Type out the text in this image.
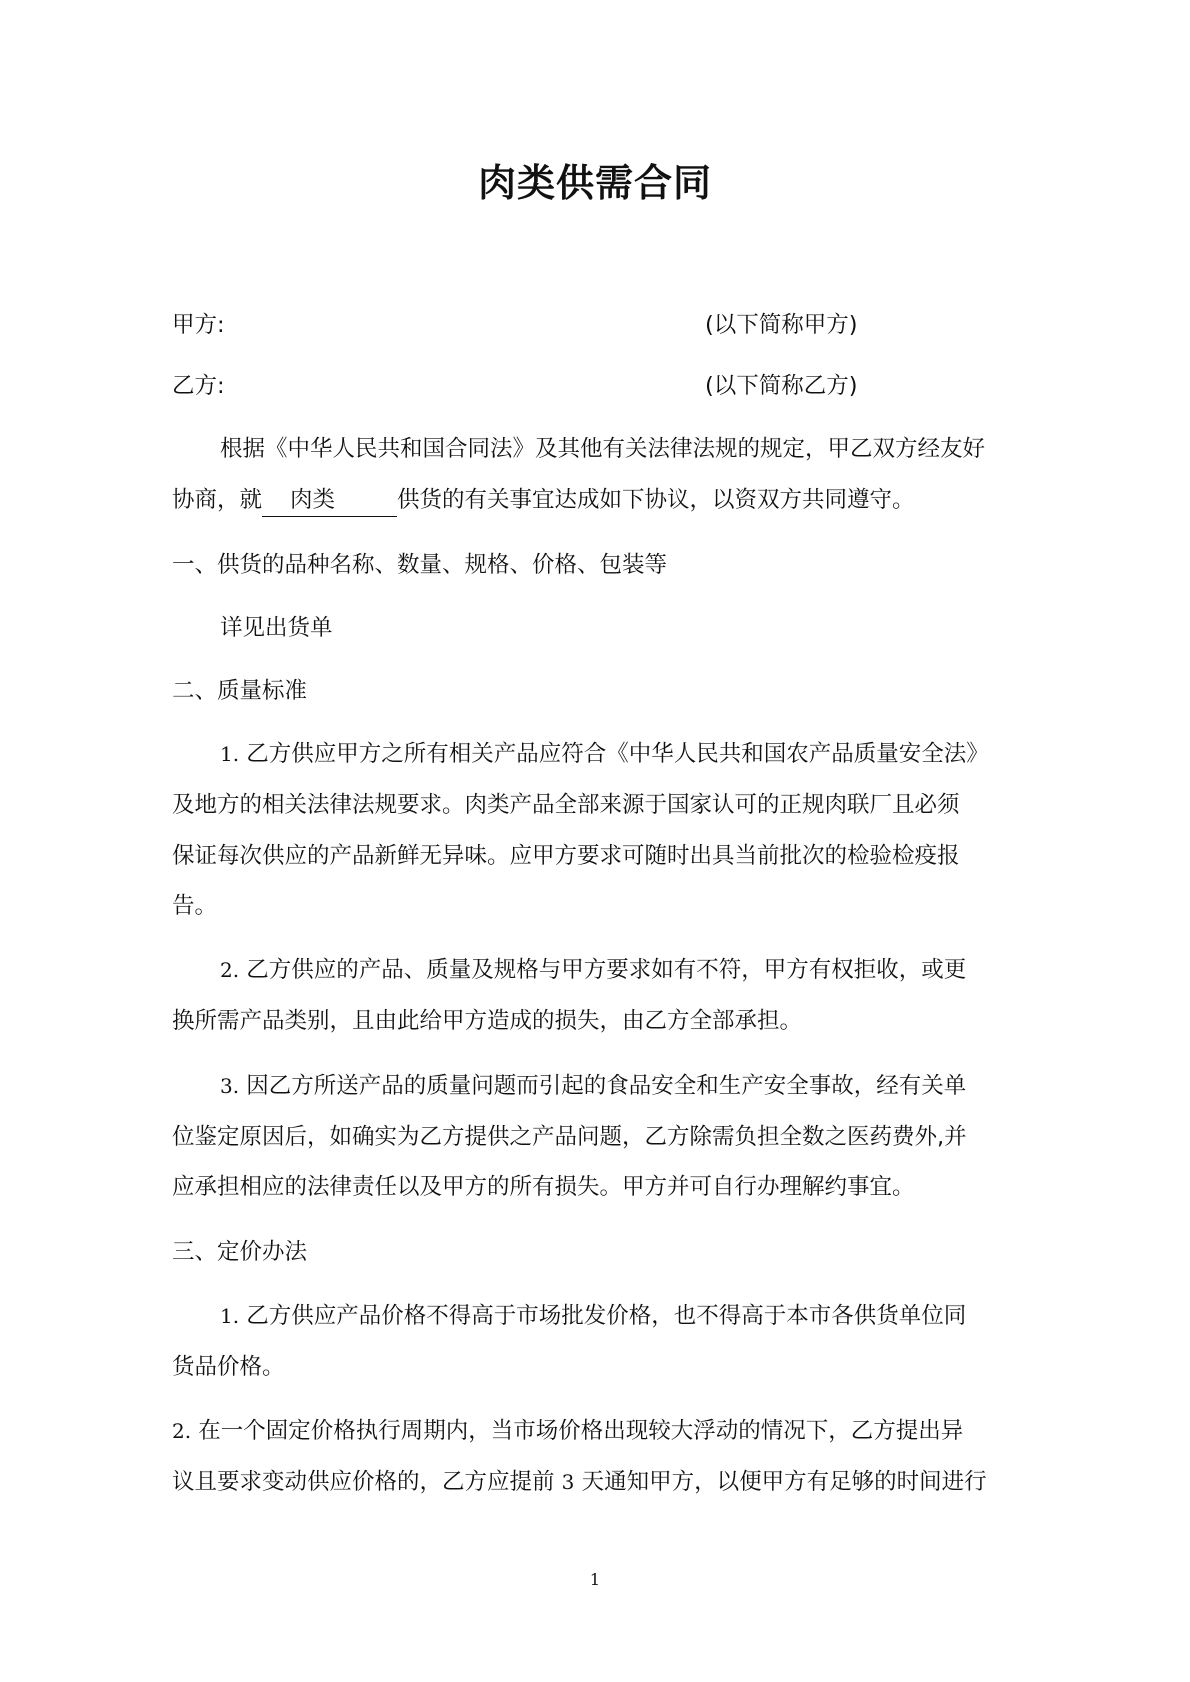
肉类供需合同
甲方:	(以下简称甲方)
乙方:	(以下简称乙方)
根据《中华人民共和国合同法》及其他有关法律法规的规定，甲乙双方经友好
协商，就 肉类	供货的有关事宜达成如下协议，以资双方共同遵守。
一、供货的品种名称、数量、规格、价格、包装等
详见出货单
二、质量标准
1. 乙方供应甲方之所有相关产品应符合《中华人民共和国农产品质量安全法》
及地方的相关法律法规要求。肉类产品全部来源于国家认可的正规肉联厂且必须
保证每次供应的产品新鲜无异味。应甲方要求可随时出具当前批次的检验检疫报
告。
2. 乙方供应的产品、质量及规格与甲方要求如有不符，甲方有权拒收，或更
换所需产品类别，且由此给甲方造成的损失，由乙方全部承担。
3. 因乙方所送产品的质量问题而引起的食品安全和生产安全事故，经有关单
位鉴定原因后，如确实为乙方提供之产品问题，乙方除需负担全数之医药费外,并
应承担相应的法律责任以及甲方的所有损失。甲方并可自行办理解约事宜。
三、定价办法
1. 乙方供应产品价格不得高于市场批发价格，也不得高于本市各供货单位同
货品价格。
2. 在一个固定价格执行周期内，当市场价格出现较大浮动的情况下，乙方提出异
议且要求变动供应价格的，乙方应提前 3 天通知甲方，以便甲方有足够的时间进行
1
